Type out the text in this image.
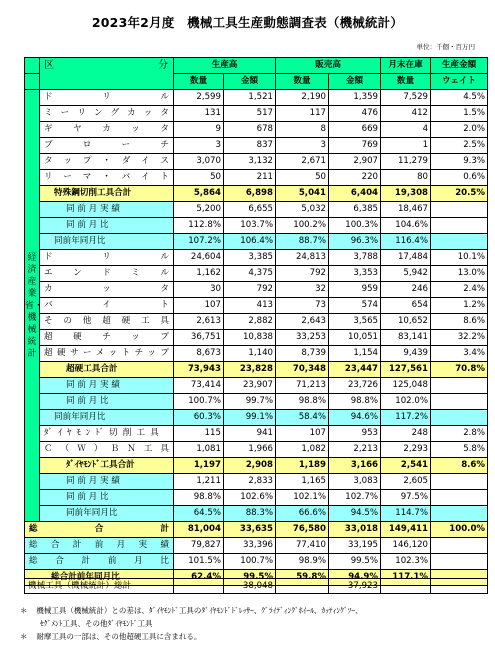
2023年2月度　機械工具生産動態調査表（機械統計）
単位：千個・百万円

	区 分	生産高		販売高		月末在庫	生産金額
		数量	金額	数量	金額	数量	ウェイト
経済産業省・機械統計	ド　リ　ル	2,599	1,521	2,190	1,359	7,529	4.5%

	ミーリングカッタ	131	517	117	476	412	1.5%

	ギ　ヤ　カ　ッ　タ	9	678	8	669	4	2.0%

	ブ　ロ　ー　チ	3	837	3	769	1	2.5%

	タップ・ダイス	3,070	3,132	2,671	2,907	11,279	9.3%

	リーマ・バイト	50	211	50	220	80	0.6%
	特殊鋼切削工具合計	5,864	6,898	5,041	6,404	19,308	20.5%
	同 前 月 実 績	5,200	6,655	5,032	6,385	18,467	
	同 前 月 比	112.8%	103.7%	100.2%	100.3%	104.6%	
	同前年同月比	107.2%	106.4%	88.7%	96.3%	116.4%	

	ド　リ　ル	24,604	3,385	24,813	3,788	17,484	10.1%

	エ　ン　ド　ミ　ル	1,162	4,375	792	3,353	5,942	13.0%

	カ　ッ　タ	30	792	32	959	246	2.4%

	バ　イ　ト	107	413	73	574	654	1.2%

	そ の 他 超 硬 工 具	2,613	2,882	2,643	3,565	10,652	8.6%

	超　硬　チ　ッ　プ	36,751	10,838	33,253	10,051	83,141	32.2%

	超硬サーメットチップ	8,673	1,140	8,739	1,154	9,439	3.4%
	超硬工具合計	73,943	23,828	70,348	23,447	127,561	70.8%
	同 前 月 実 績	73,414	23,907	71,213	23,726	125,048	
	同 前 月 比	100.7%	99.7%	98.8%	98.8%	102.0%	
	同前年同月比	60.3%	99.1%	58.4%	94.6%	117.2%	

	ﾀﾞｲﾔﾓﾝﾄﾞ切削工具	115	941	107	953	248	2.8%

	Ｃ（Ｗ）ＢＮ工具	1,081	1,966	1,082	2,213	2,293	5.8%
	ﾀﾞｲﾔﾓﾝﾄﾞ工具合計	1,197	2,908	1,189	3,166	2,541	8.6%
	同 前 月 実 績	1,211	2,833	1,165	3,083	2,605	
	同 前 月 比	98.8%	102.6%	102.1%	102.7%	97.5%	
	同前年同月比	64.5%	88.3%	66.6%	94.5%	114.7%	

総　　　合　　　計		81,004	33,635	76,580	33,018	149,411	100.0%

総 合 計 前 月 実 績		79,827	33,396	77,410	33,195	146,120	

総 合 計 前 月 比		101.5%	100.7%	98.9%	99.5%	102.3%	
総合計前年同月比		62.4%	99.5%	59.8%	94.9%	117.1%	
機械工具（機械統計）総計		38,048		37,923		
＊ 機械工具（機械統計）との差は、ﾀﾞｲﾔﾓﾝﾄﾞ工具のﾀﾞｲﾔﾓﾝﾄﾞﾄﾞﾚｯｻｰ、ｸﾞﾗｲﾃﾞｨﾝｸﾞﾎｲｰﾙ、ｶｯﾃｨﾝｸﾞｿｰ、
ｾｸﾞﾒﾝﾄ工具、その他ﾀﾞｲﾔﾓﾝﾄﾞ工具
＊ 耐摩工具の一部は、その他超硬工具に含まれる。
